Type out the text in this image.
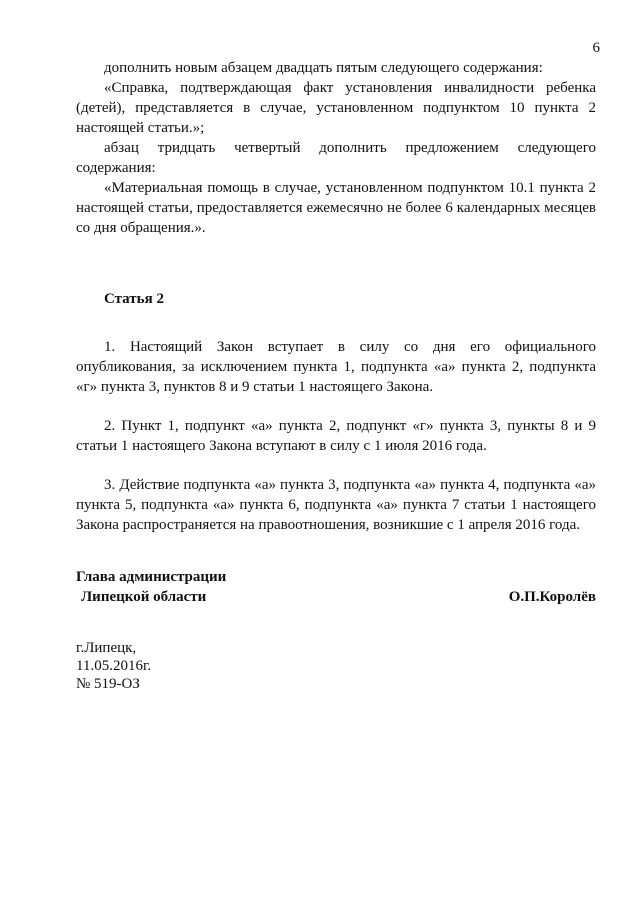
6

дополнить новым абзацем двадцать пятым следующего содержания:

«Справка, подтверждающая факт установления инвалидности ребенка (детей), представляется в случае, установленном подпунктом 10 пункта 2 настоящей статьи.»;

абзац тридцать четвертый дополнить предложением следующего содержания:

«Материальная помощь в случае, установленном подпунктом 10.1 пункта 2 настоящей статьи, предоставляется ежемесячно не более 6 календарных месяцев со дня обращения.».

Статья 2

1. Настоящий Закон вступает в силу со дня его официального опубликования, за исключением пункта 1, подпункта «а» пункта 2, подпункта «г» пункта 3, пунктов 8 и 9 статьи 1 настоящего Закона.

2. Пункт 1, подпункт «а» пункта 2, подпункт «г» пункта 3, пункты 8 и 9 статьи 1 настоящего Закона вступают в силу с 1 июля 2016 года.

3. Действие подпункта «а» пункта 3, подпункта «а» пункта 4, подпункта «а» пункта 5, подпункта «а» пункта 6, подпункта «а» пункта 7 статьи 1 настоящего Закона распространяется на правоотношения, возникшие с 1 апреля 2016 года.

Глава администрации
Липецкой области	О.П.Королёв
г.Липецк,
11.05.2016г.
№ 519-ОЗ
